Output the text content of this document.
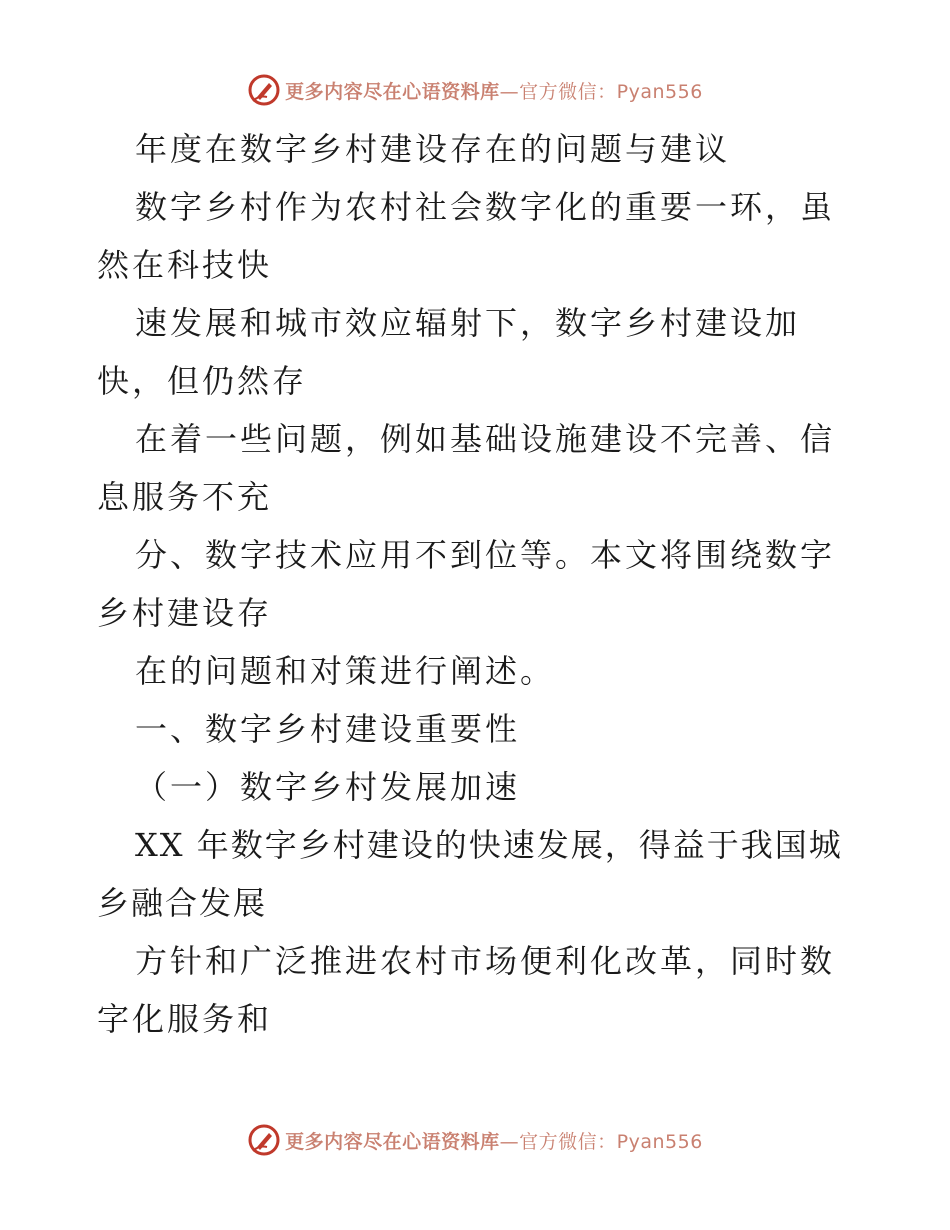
更多内容尽在心语资料库 —官方微信：Pyan556

年度在数字乡村建设存在的问题与建议

数字乡村作为农村社会数字化的重要一环，虽然在科技快

速发展和城市效应辐射下，数字乡村建设加快，但仍然存

在着一些问题，例如基础设施建设不完善、信息服务不充

分、数字技术应用不到位等。本文将围绕数字乡村建设存

在的问题和对策进行阐述。

一、数字乡村建设重要性

（一）数字乡村发展加速

XX 年数字乡村建设的快速发展，得益于我国城乡融合发展

方针和广泛推进农村市场便利化改革，同时数字化服务和

更多内容尽在心语资料库 —官方微信：Pyan556
